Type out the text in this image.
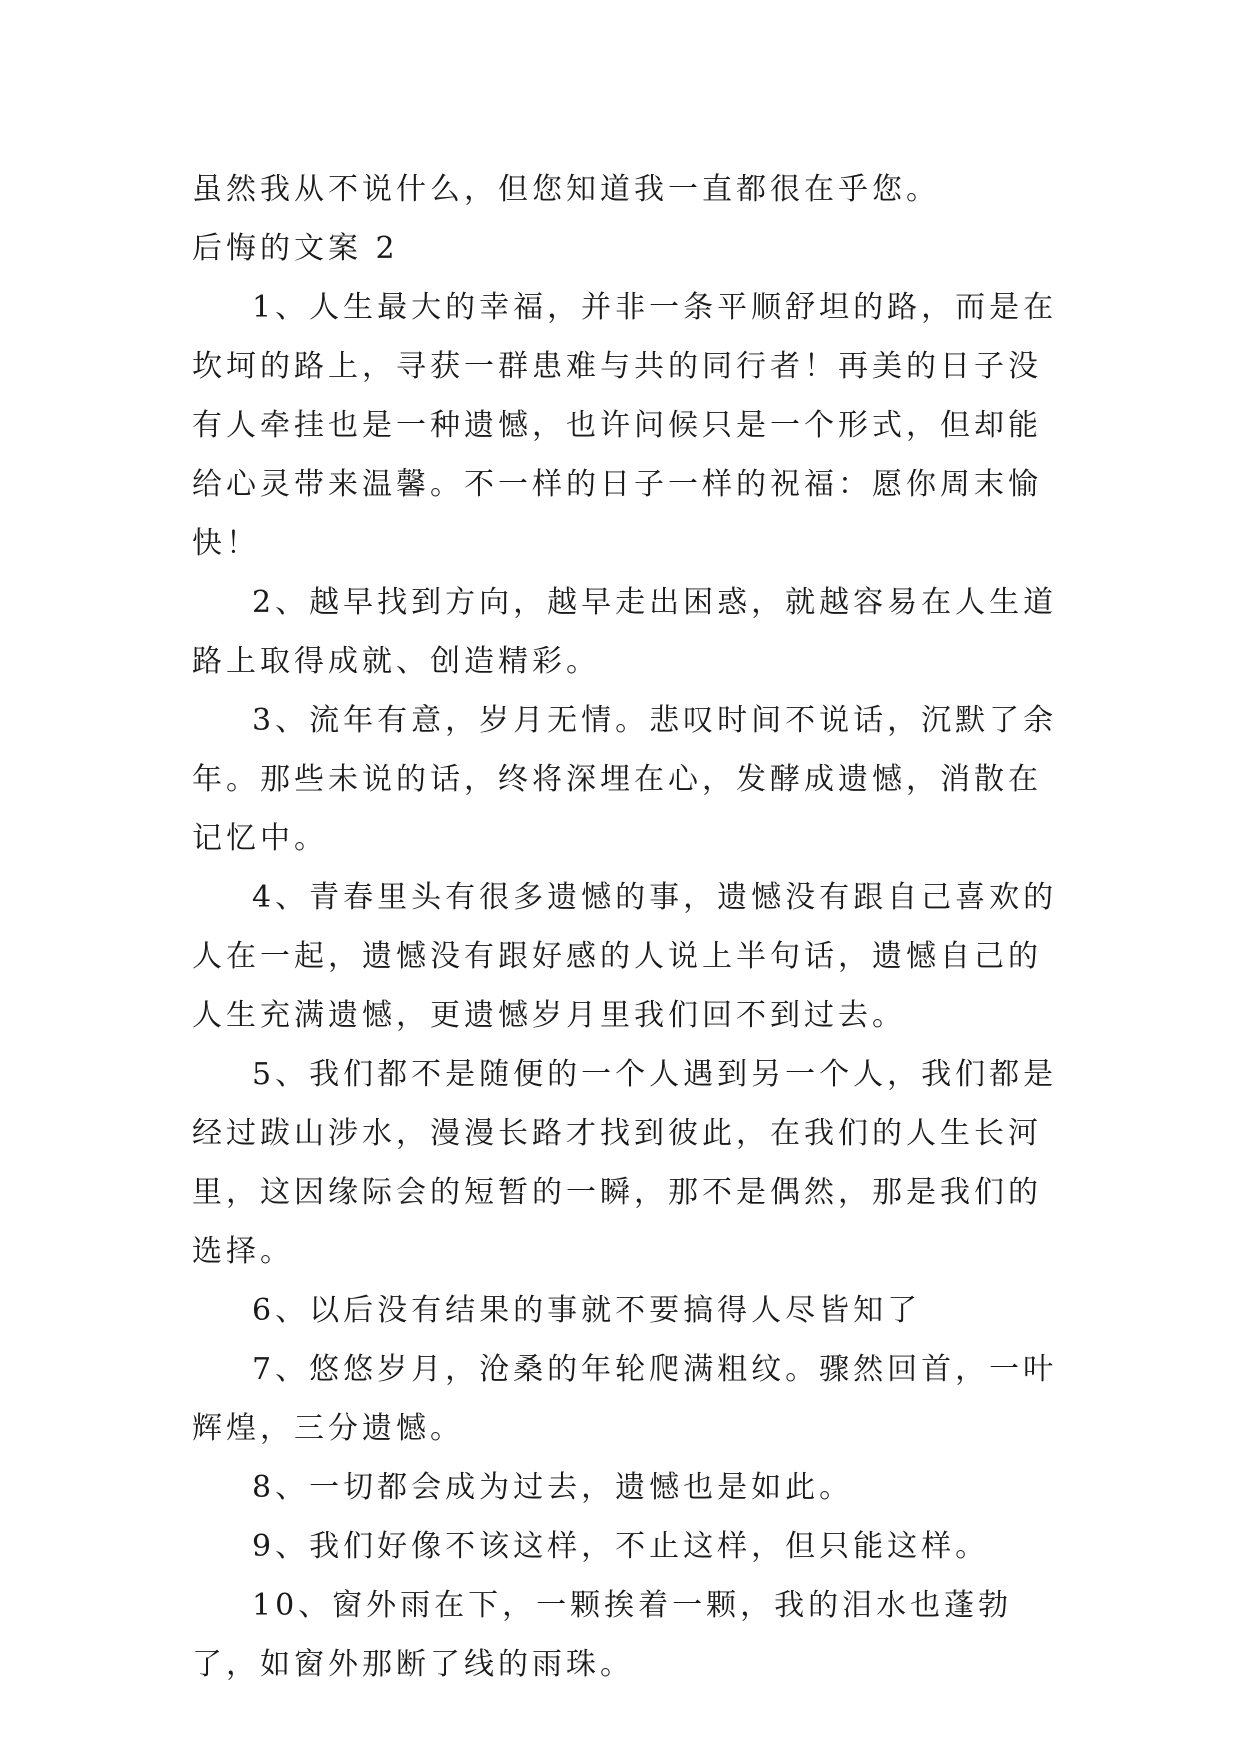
虽然我从不说什么，但您知道我一直都很在乎您。

后悔的文案 2

1、人生最大的幸福，并非一条平顺舒坦的路，而是在坎坷的路上，寻获一群患难与共的同行者！再美的日子没有人牵挂也是一种遗憾，也许问候只是一个形式，但却能给心灵带来温馨。不一样的日子一样的祝福：愿你周末愉快！

2、越早找到方向，越早走出困惑，就越容易在人生道路上取得成就、创造精彩。

3、流年有意，岁月无情。悲叹时间不说话，沉默了余年。那些未说的话，终将深埋在心，发酵成遗憾，消散在记忆中。

4、青春里头有很多遗憾的事，遗憾没有跟自己喜欢的人在一起，遗憾没有跟好感的人说上半句话，遗憾自己的人生充满遗憾，更遗憾岁月里我们回不到过去。

5、我们都不是随便的一个人遇到另一个人，我们都是经过跋山涉水，漫漫长路才找到彼此，在我们的人生长河里，这因缘际会的短暂的一瞬，那不是偶然，那是我们的选择。

6、以后没有结果的事就不要搞得人尽皆知了

7、悠悠岁月，沧桑的年轮爬满粗纹。骤然回首，一叶辉煌，三分遗憾。

8、一切都会成为过去，遗憾也是如此。

9、我们好像不该这样，不止这样，但只能这样。

10、窗外雨在下，一颗挨着一颗，我的泪水也蓬勃了，如窗外那断了线的雨珠。
